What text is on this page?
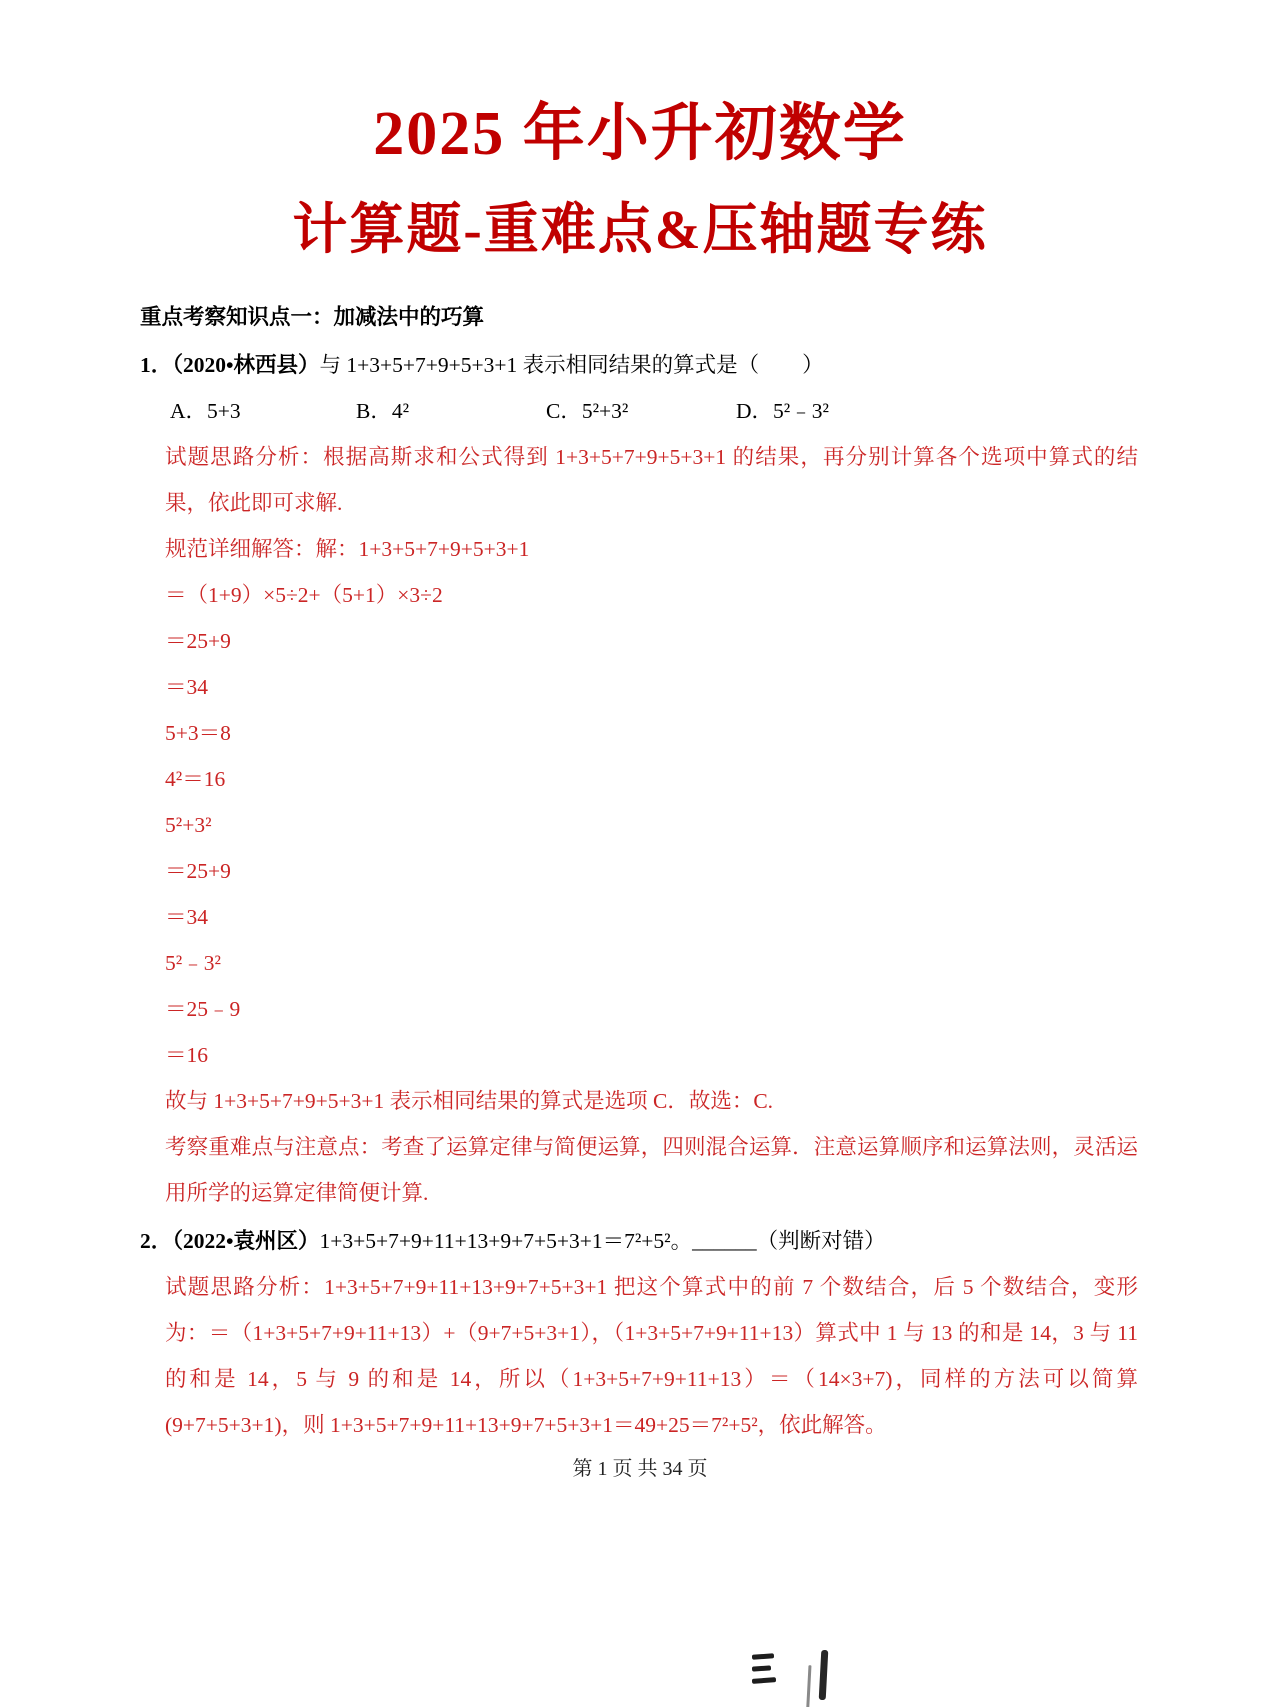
2025 年小升初数学
计算题-重难点&压轴题专练
重点考察知识点一：加减法中的巧算
1．（2020•林西县）与 1+3+5+7+9+5+3+1 表示相同结果的算式是（　　）
A．5+3	B．4²	C．5²+3²	D．5²﹣3²

试题思路分析：根据高斯求和公式得到 1+3+5+7+9+5+3+1 的结果，再分别计算各个选项中算式的结果，依此即可求解.

规范详细解答：解：1+3+5+7+9+5+3+1
＝（1+9）×5÷2+（5+1）×3÷2
＝25+9
＝34
5+3＝8
4²＝16
5²+3²
＝25+9
＝34
5²﹣3²
＝25﹣9
＝16
故与 1+3+5+7+9+5+3+1 表示相同结果的算式是选项 C．故选：C.

考察重难点与注意点：考查了运算定律与简便运算，四则混合运算．注意运算顺序和运算法则，灵活运用所学的运算定律简便计算.

2．（2022•袁州区）1+3+5+7+9+11+13+9+7+5+3+1＝7²+5²。______（判断对错）

试题思路分析：1+3+5+7+9+11+13+9+7+5+3+1 把这个算式中的前 7 个数结合，后 5 个数结合，变形为：＝（1+3+5+7+9+11+13）+（9+7+5+3+1），（1+3+5+7+9+11+13）算式中 1 与 13 的和是 14，3 与 11 的和是 14，5 与 9 的和是 14，所以（1+3+5+7+9+11+13）＝（14×3+7)，同样的方法可以简算(9+7+5+3+1)，则 1+3+5+7+9+11+13+9+7+5+3+1＝49+25＝7²+5²，依此解答。

第 1 页 共 34 页
